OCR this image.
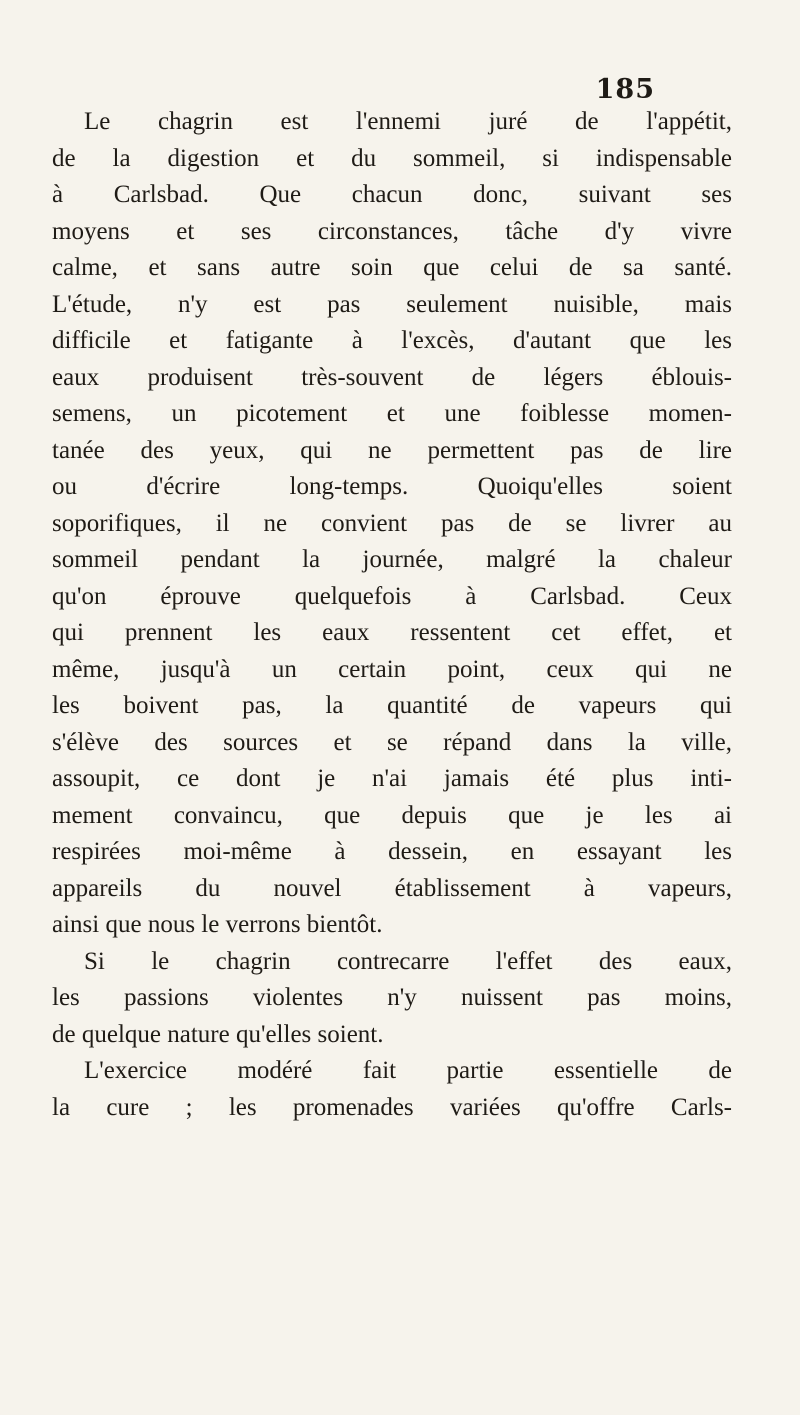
185
Le chagrin est l'ennemi juré de l'appétit,
de la digestion et du sommeil, si indispensable
à Carlsbad. Que chacun donc, suivant ses
moyens et ses circonstances, tâche d'y vivre
calme, et sans autre soin que celui de sa santé.
L'étude, n'y est pas seulement nuisible, mais
difficile et fatigante à l'excès, d'autant que les
eaux produisent très-souvent de légers éblouis-
semens, un picotement et une foiblesse momen-
tanée des yeux, qui ne permettent pas de lire
ou d'écrire long-temps. Quoiqu'elles soient
soporifiques, il ne convient pas de se livrer au
sommeil pendant la journée, malgré la chaleur
qu'on éprouve quelquefois à Carlsbad. Ceux
qui prennent les eaux ressentent cet effet, et
même, jusqu'à un certain point, ceux qui ne
les boivent pas, la quantité de vapeurs qui
s'élève des sources et se répand dans la ville,
assoupit, ce dont je n'ai jamais été plus inti-
mement convaincu, que depuis que je les ai
respirées moi-même à dessein, en essayant les
appareils du nouvel établissement à vapeurs,
ainsi que nous le verrons bientôt.
Si le chagrin contrecarre l'effet des eaux,
les passions violentes n'y nuissent pas moins,
de quelque nature qu'elles soient.
L'exercice modéré fait partie essentielle de
la cure ; les promenades variées qu'offre Carls-
